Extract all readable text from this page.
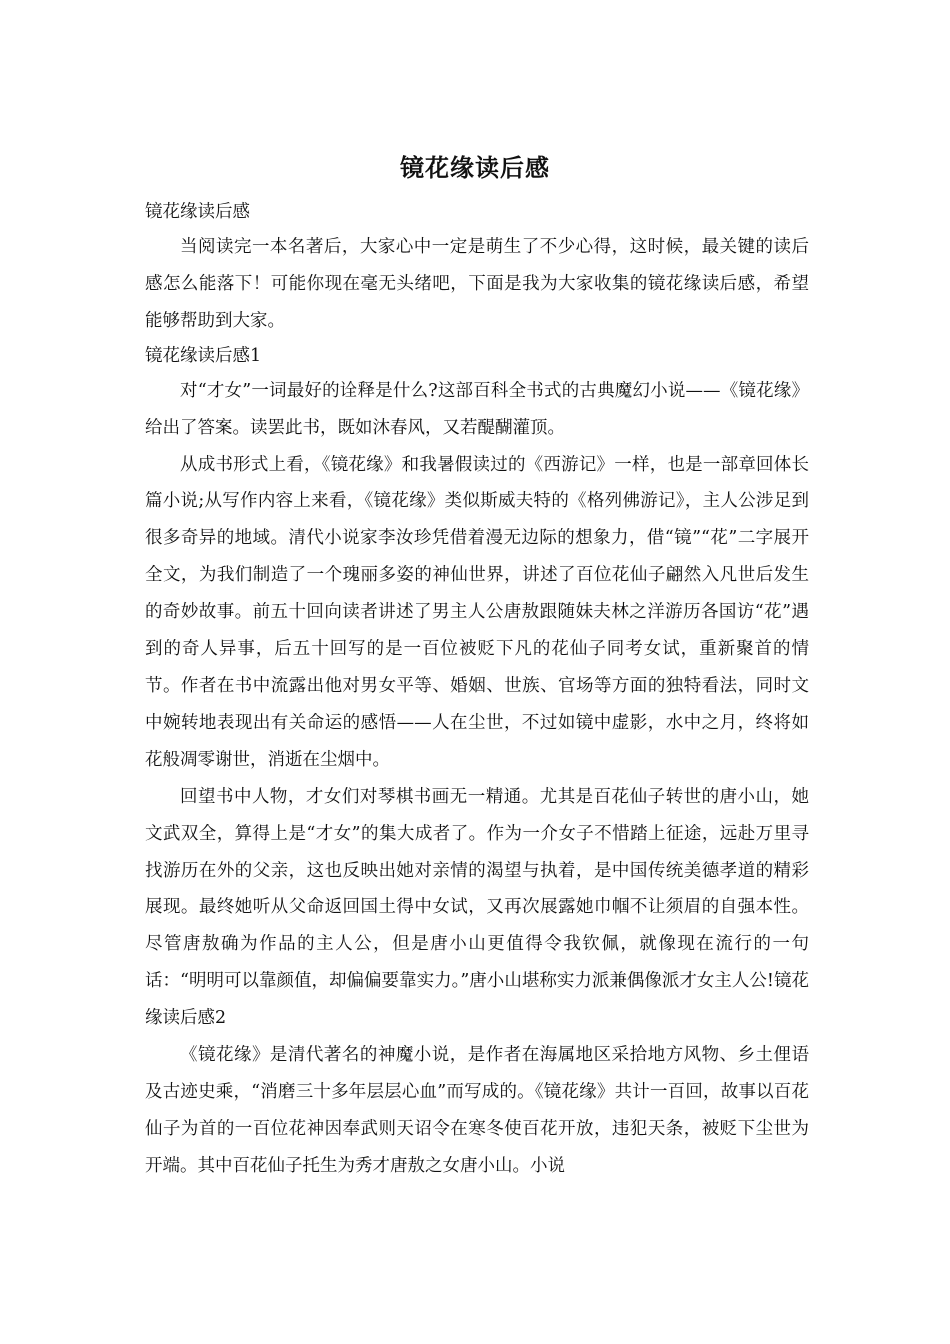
镜花缘读后感

镜花缘读后感

当阅读完一本名著后，大家心中一定是萌生了不少心得，这时候，最关键的读后感怎么能落下！可能你现在毫无头绪吧，下面是我为大家收集的镜花缘读后感，希望能够帮助到大家。

镜花缘读后感1

对“才女”一词最好的诠释是什么?这部百科全书式的古典魔幻小说——《镜花缘》给出了答案。读罢此书，既如沐春风，又若醍醐灌顶。

从成书形式上看，《镜花缘》和我暑假读过的《西游记》一样，也是一部章回体长篇小说;从写作内容上来看，《镜花缘》类似斯威夫特的《格列佛游记》，主人公涉足到很多奇异的地域。清代小说家李汝珍凭借着漫无边际的想象力，借“镜”“花”二字展开全文，为我们制造了一个瑰丽多姿的神仙世界，讲述了百位花仙子翩然入凡世后发生的奇妙故事。前五十回向读者讲述了男主人公唐敖跟随妹夫林之洋游历各国访“花”遇到的奇人异事，后五十回写的是一百位被贬下凡的花仙子同考女试，重新聚首的情节。作者在书中流露出他对男女平等、婚姻、世族、官场等方面的独特看法，同时文中婉转地表现出有关命运的感悟——人在尘世，不过如镜中虚影，水中之月，终将如花般凋零谢世，消逝在尘烟中。

回望书中人物，才女们对琴棋书画无一精通。尤其是百花仙子转世的唐小山，她文武双全，算得上是“才女”的集大成者了。作为一介女子不惜踏上征途，远赴万里寻找游历在外的父亲，这也反映出她对亲情的渴望与执着，是中国传统美德孝道的精彩展现。最终她听从父命返回国土得中女试，又再次展露她巾帼不让须眉的自强本性。尽管唐敖确为作品的主人公，但是唐小山更值得令我钦佩，就像现在流行的一句话：“明明可以靠颜值，却偏偏要靠实力。”唐小山堪称实力派兼偶像派才女主人公!镜花缘读后感2

《镜花缘》是清代著名的神魔小说，是作者在海属地区采拾地方风物、乡土俚语及古迹史乘，“消磨三十多年层层心血”而写成的。《镜花缘》共计一百回，故事以百花仙子为首的一百位花神因奉武则天诏令在寒冬使百花开放，违犯天条，被贬下尘世为开端。其中百花仙子托生为秀才唐敖之女唐小山。小说
